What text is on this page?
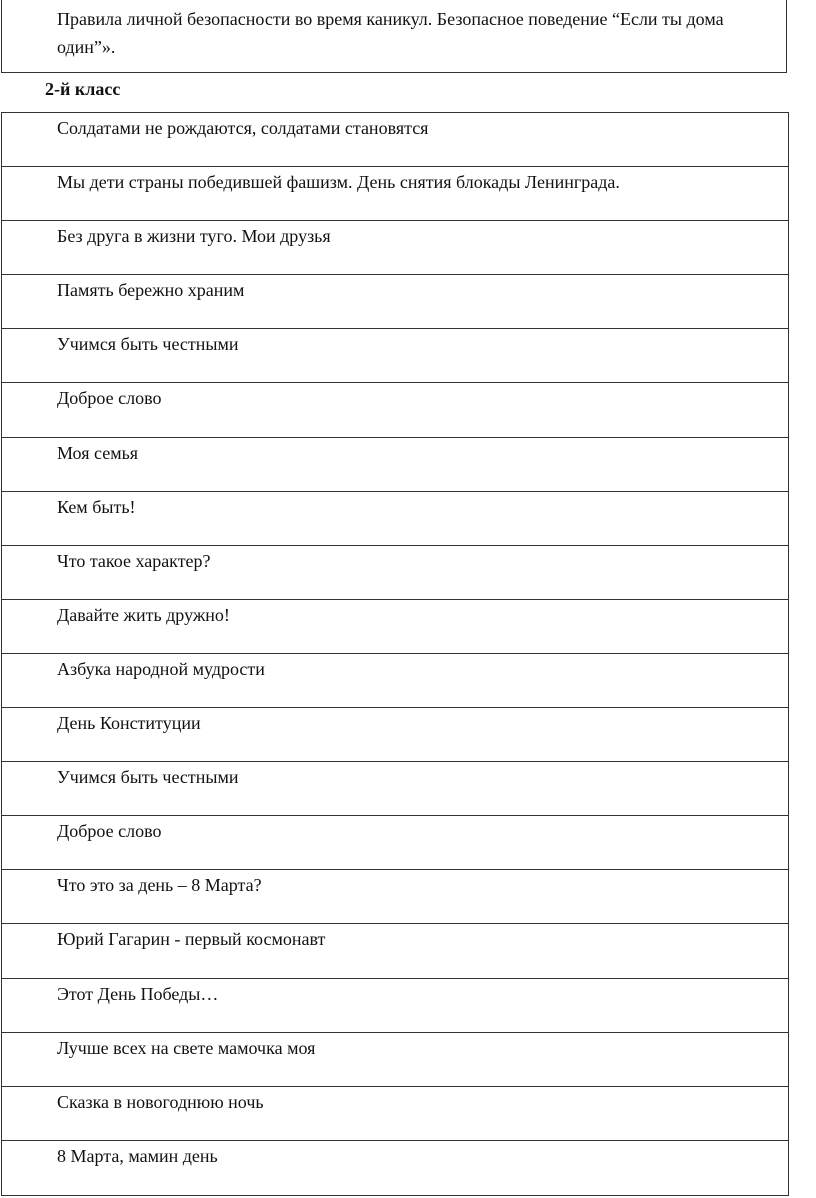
Правила личной безопасности во время каникул. Безопасное поведение “Если ты дома один”».
2-й класс
Солдатами не рождаются, солдатами становятся
Мы дети страны победившей фашизм. День снятия блокады Ленинграда.
Без друга в жизни туго. Мои друзья
Память бережно храним
Учимся быть честными
Доброе слово
Моя семья
Кем быть!
Что такое характер?
Давайте жить дружно!
Азбука народной мудрости
День Конституции
Учимся быть честными
Доброе слово
Что это за день – 8 Марта?
Юрий Гагарин - первый космонавт
Этот День Победы…
Лучше всех на свете мамочка моя
Сказка в новогоднюю ночь
8 Марта, мамин день
